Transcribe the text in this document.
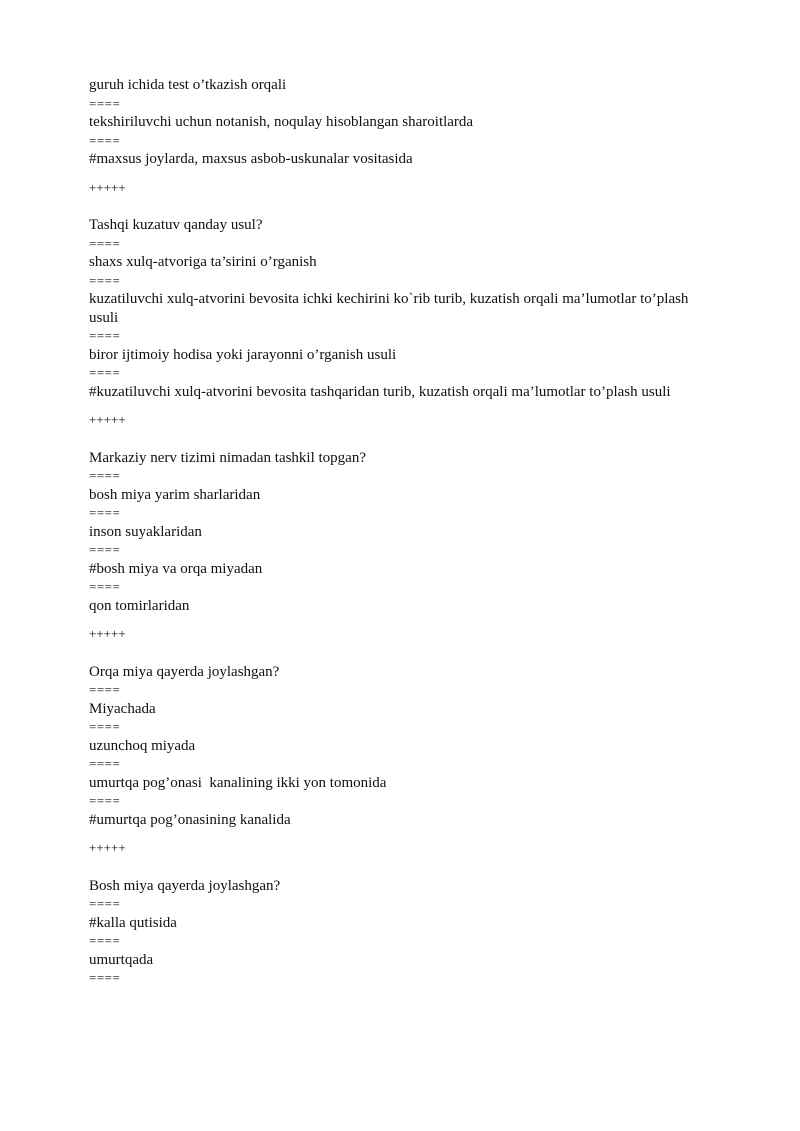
guruh ichida test o’tkazish orqali

====

tekshiriluvchi uchun notanish, noqulay hisoblangan sharoitlarda

====

#maxsus joylarda, maxsus asbob-uskunalar vositasida

+++++

Tashqi kuzatuv qanday usul?

====

shaxs xulq-atvoriga ta’sirini o’rganish

====

kuzatiluvchi xulq-atvorini bevosita ichki kechirini ko`rib turib, kuzatish orqali ma’lumotlar to’plash usuli

====

biror ijtimoiy hodisa yoki jarayonni o’rganish usuli

====

#kuzatiluvchi xulq-atvorini bevosita tashqaridan turib, kuzatish orqali ma’lumotlar to’plash usuli

+++++

Markaziy nerv tizimi nimadan tashkil topgan?

====

bosh miya yarim sharlaridan

====

inson suyaklaridan

====

#bosh miya va orqa miyadan

====

qon tomirlaridan

+++++

Orqa miya qayerda joylashgan?

====

Miyachada

====

uzunchoq miyada

====

umurtqa pog’onasi  kanalining ikki yon tomonida

====

#umurtqa pog’onasining kanalida

+++++

Bosh miya qayerda joylashgan?

====

#kalla qutisida

====

umurtqada

====
